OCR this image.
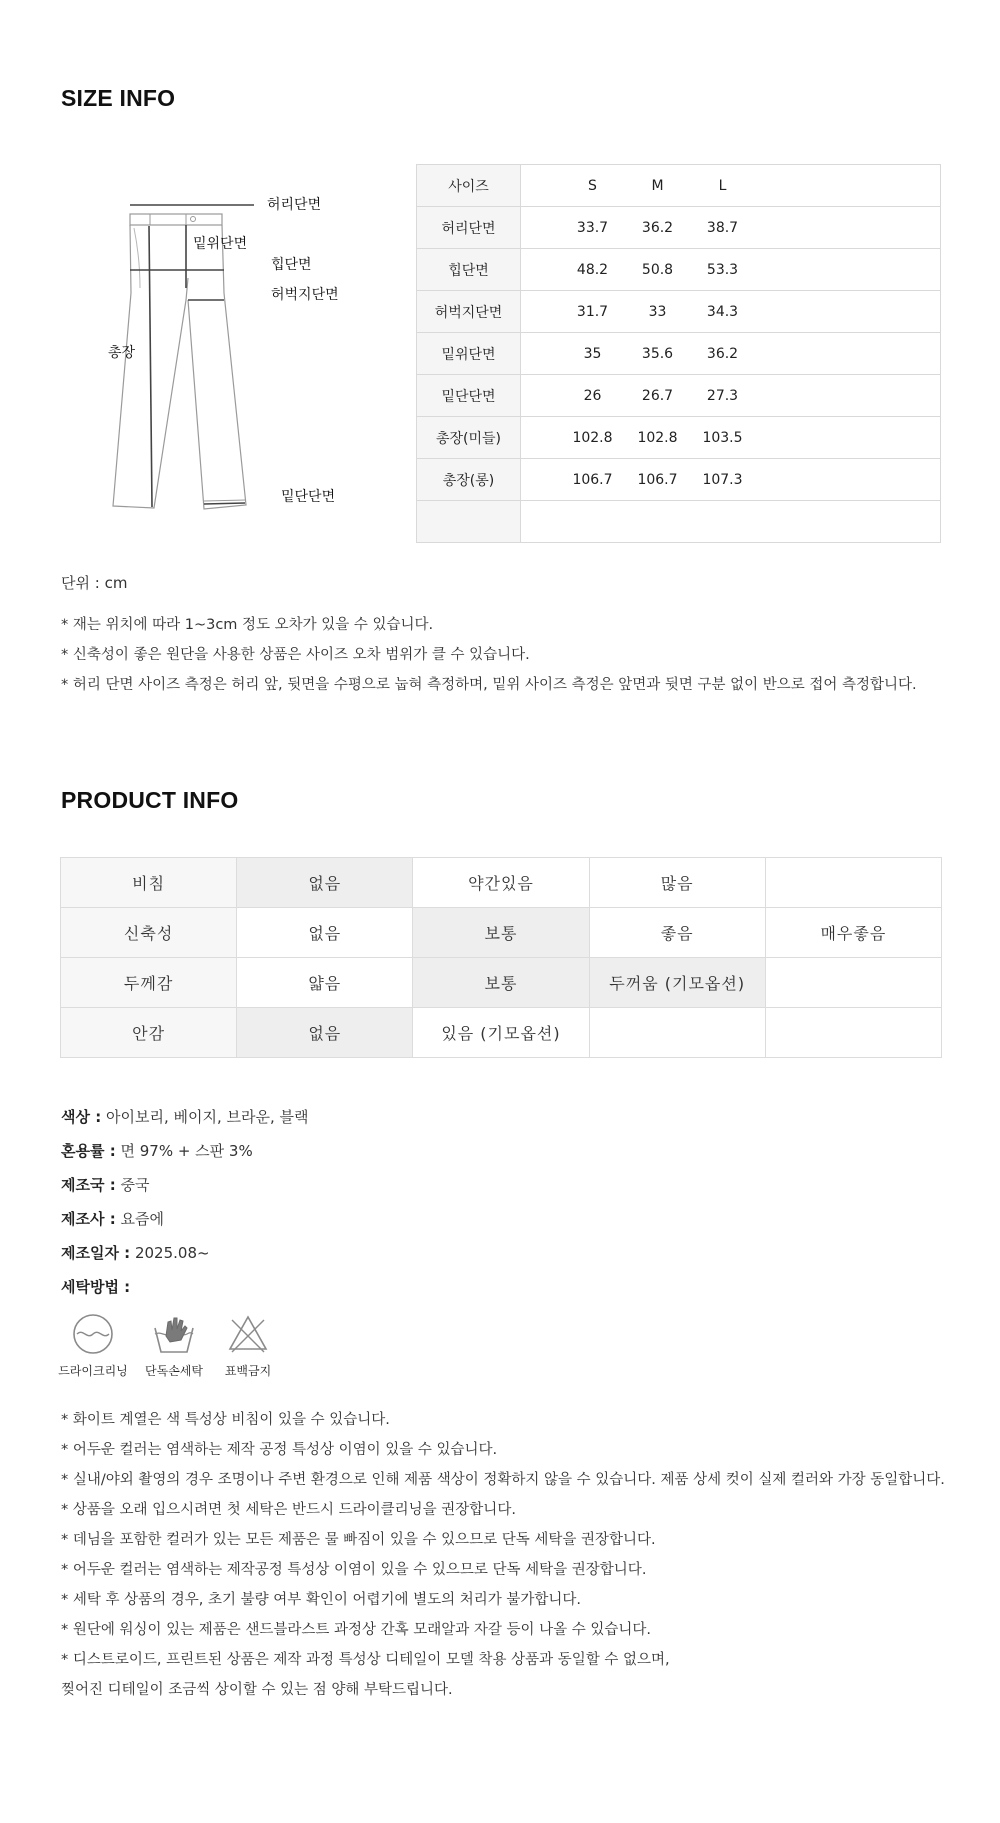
SIZE INFO
허리단면
밑위단면
힙단면
허벅지단면
총장
밑단단면
사이즈	S M L
허리단면	33.7 36.2 38.7
힙단면	48.2 50.8 53.3
허벅지단면	31.7 33 34.3
밑위단면	35 35.6 36.2
밑단단면	26 26.7 27.3
총장(미들)	102.8 102.8 103.5
총장(롱)	106.7 106.7 107.3

단위 : cm
* 재는 위치에 따라 1~3cm 정도 오차가 있을 수 있습니다.
* 신축성이 좋은 원단을 사용한 상품은 사이즈 오차 범위가 클 수 있습니다.
* 허리 단면 사이즈 측정은 허리 앞, 뒷면을 수평으로 눕혀 측정하며, 밑위 사이즈 측정은 앞면과 뒷면 구분 없이 반으로 접어 측정합니다.
PRODUCT INFO
비침	없음	약간있음	많음	
신축성	없음	보통	좋음	매우좋음
두께감	얇음	보통	두꺼움 (기모옵션)	
안감	없음	있음 (기모옵션)		
색상 : 아이보리, 베이지, 브라운, 블랙
혼용률 : 면 97% + 스판 3%
제조국 : 중국
제조사 : 요즘에
제조일자 : 2025.08~
세탁방법 :
드라이크리닝	단독손세탁	표백금지
* 화이트 계열은 색 특성상 비침이 있을 수 있습니다.
* 어두운 컬러는 염색하는 제작 공정 특성상 이염이 있을 수 있습니다.
* 실내/야외 촬영의 경우 조명이나 주변 환경으로 인해 제품 색상이 정확하지 않을 수 있습니다. 제품 상세 컷이 실제 컬러와 가장 동일합니다.
* 상품을 오래 입으시려면 첫 세탁은 반드시 드라이클리닝을 권장합니다.
* 데님을 포함한 컬러가 있는 모든 제품은 물 빠짐이 있을 수 있으므로 단독 세탁을 권장합니다.
* 어두운 컬러는 염색하는 제작공정 특성상 이염이 있을 수 있으므로 단독 세탁을 권장합니다.
* 세탁 후 상품의 경우, 초기 불량 여부 확인이 어렵기에 별도의 처리가 불가합니다.
* 원단에 워싱이 있는 제품은 샌드블라스트 과정상 간혹 모래알과 자갈 등이 나올 수 있습니다.
* 디스트로이드, 프린트된 상품은 제작 과정 특성상 디테일이 모델 착용 상품과 동일할 수 없으며,
찢어진 디테일이 조금씩 상이할 수 있는 점 양해 부탁드립니다.
